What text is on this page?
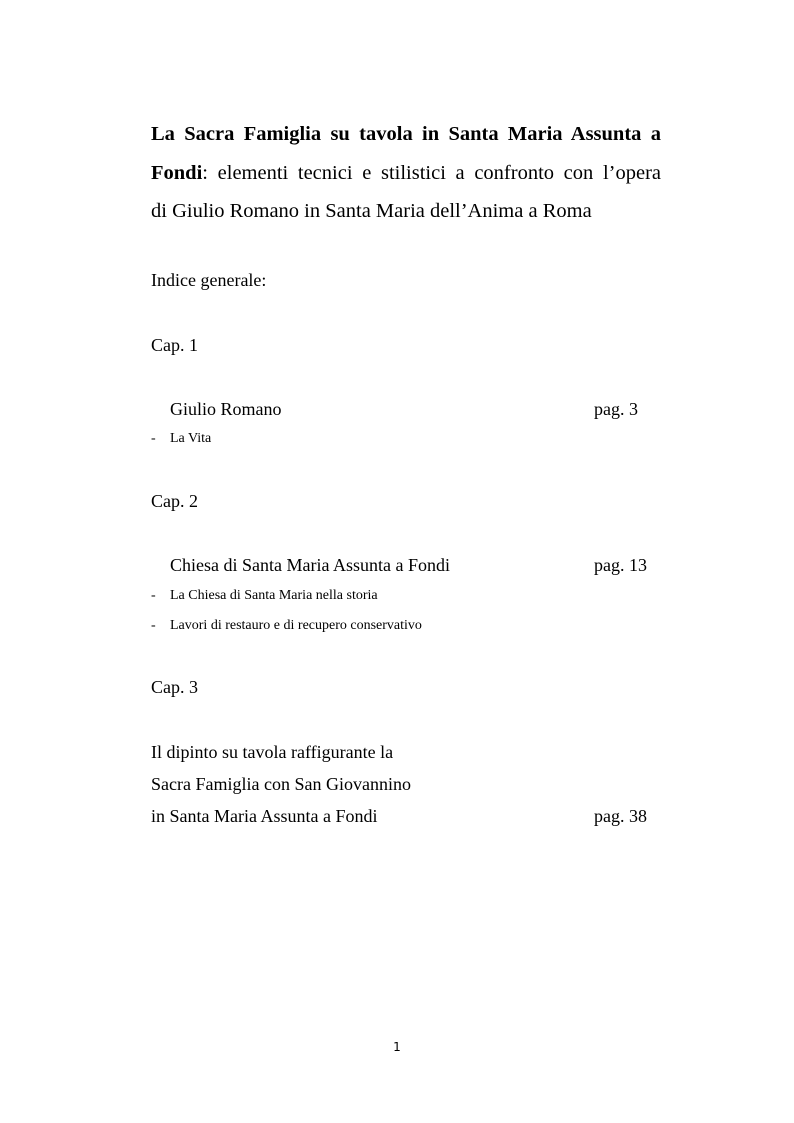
La Sacra Famiglia su tavola in Santa Maria Assunta a
Fondi: elementi tecnici e stilistici a confronto con l’opera
di Giulio Romano in Santa Maria dell’Anima a Roma
Indice generale:
Cap. 1
Giulio Romano	pag. 3
- La Vita
Cap. 2
Chiesa di Santa Maria Assunta a Fondi	pag. 13
- La Chiesa di Santa Maria nella storia
- Lavori di restauro e di recupero conservativo
Cap. 3
Il dipinto su tavola raffigurante la
Sacra Famiglia con San Giovannino
in Santa Maria Assunta a Fondi	pag. 38
1
